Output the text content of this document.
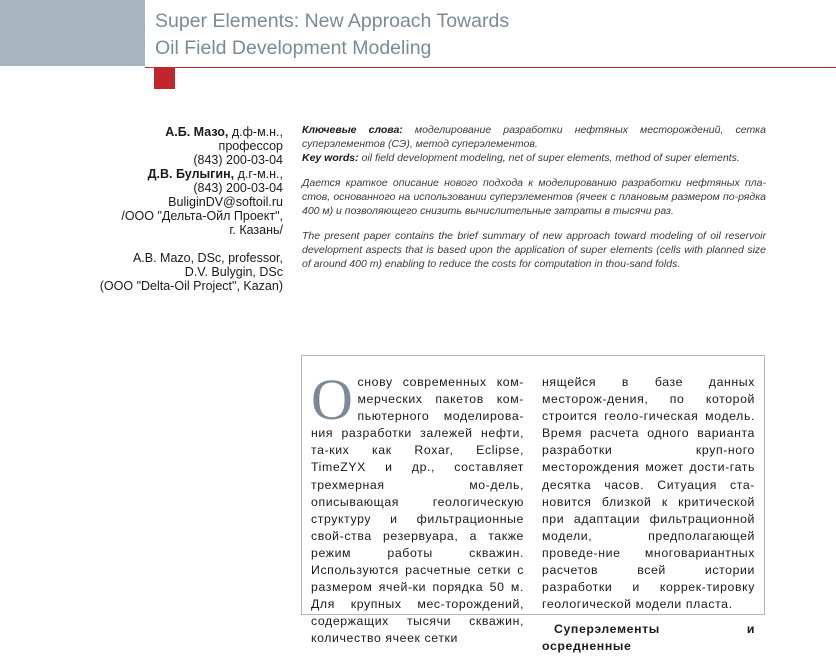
Super Elements: New Approach Towards
Oil Field Development Modeling

А.Б. Мазо, д.ф-м.н.,

профессор

(843) 200-03-04

Д.В. Булыгин, д.г-м.н.,

(843) 200-03-04

BuliginDV@softoil.ru

/ООО "Дельта-Ойл Проект",

г. Казань/

A.B. Mazo, DSc, professor,

D.V. Bulygin, DSc

(OOO "Delta-Oil Project", Kazan)

Ключевые слова: моделирование разработки нефтяных месторождений, сетка суперэлементов (СЭ), метод суперэлементов.

Key words: oil field development modeling, net of super elements, method of super elements.

Дается краткое описание нового подхода к моделированию разработки нефтяных пла-стов, основанного на использовании суперэлементов (ячеек с плановым размером по-рядка 400 м) и позволяющего снизить вычислительные затраты в тысячи раз.

The present paper contains the brief summary of new approach toward modeling of oil reservoir development aspects that is based upon the application of super elements (cells with planned size of around 400 m) enabling to reduce the costs for computation in thou-sand folds.

Основу современных ком-мерческих пакетов ком-пьютерного моделирова-ния разработки залежей нефти, та-ких как Roxar, Eclipse, TimeZYX и др., составляет трехмерная мо-дель, описывающая геологическую структуру и фильтрационные свой-ства резервуара, а также режим работы скважин. Используются расчетные сетки с размером ячей-ки порядка 50 м. Для крупных мес-торождений, содержащих тысячи скважин, количество ячеек сетки

нящейся в базе данных месторож-дения, по которой строится геоло-гическая модель. Время расчета одного варианта разработки круп-ного месторождения может дости-гать десятка часов. Ситуация ста-новится близкой к критической при адаптации фильтрационной модели, предполагающей проведе-ние многовариантных расчетов всей истории разработки и коррек-тировку геологической модели пласта.

Суперэлементы и осредненные
